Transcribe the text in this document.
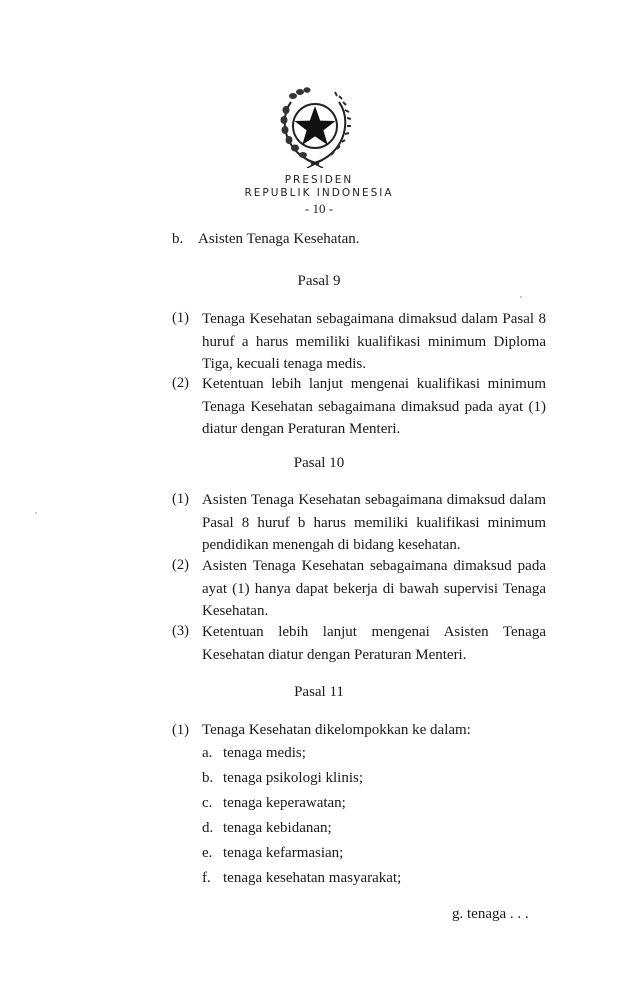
PRESIDEN
REPUBLIK INDONESIA
- 10 -
b. Asisten Tenaga Kesehatan.
Pasal 9
(1) Tenaga Kesehatan sebagaimana dimaksud dalam Pasal 8 huruf a harus memiliki kualifikasi minimum Diploma Tiga, kecuali tenaga medis.
(2) Ketentuan lebih lanjut mengenai kualifikasi minimum Tenaga Kesehatan sebagaimana dimaksud pada ayat (1) diatur dengan Peraturan Menteri.
Pasal 10
(1) Asisten Tenaga Kesehatan sebagaimana dimaksud dalam Pasal 8 huruf b harus memiliki kualifikasi minimum pendidikan menengah di bidang kesehatan.
(2) Asisten Tenaga Kesehatan sebagaimana dimaksud pada ayat (1) hanya dapat bekerja di bawah supervisi Tenaga Kesehatan.
(3) Ketentuan lebih lanjut mengenai Asisten Tenaga Kesehatan diatur dengan Peraturan Menteri.
Pasal 11
(1) Tenaga Kesehatan dikelompokkan ke dalam:
a. tenaga medis;
b. tenaga psikologi klinis;
c. tenaga keperawatan;
d. tenaga kebidanan;
e. tenaga kefarmasian;
f. tenaga kesehatan masyarakat;
g. tenaga . . .
